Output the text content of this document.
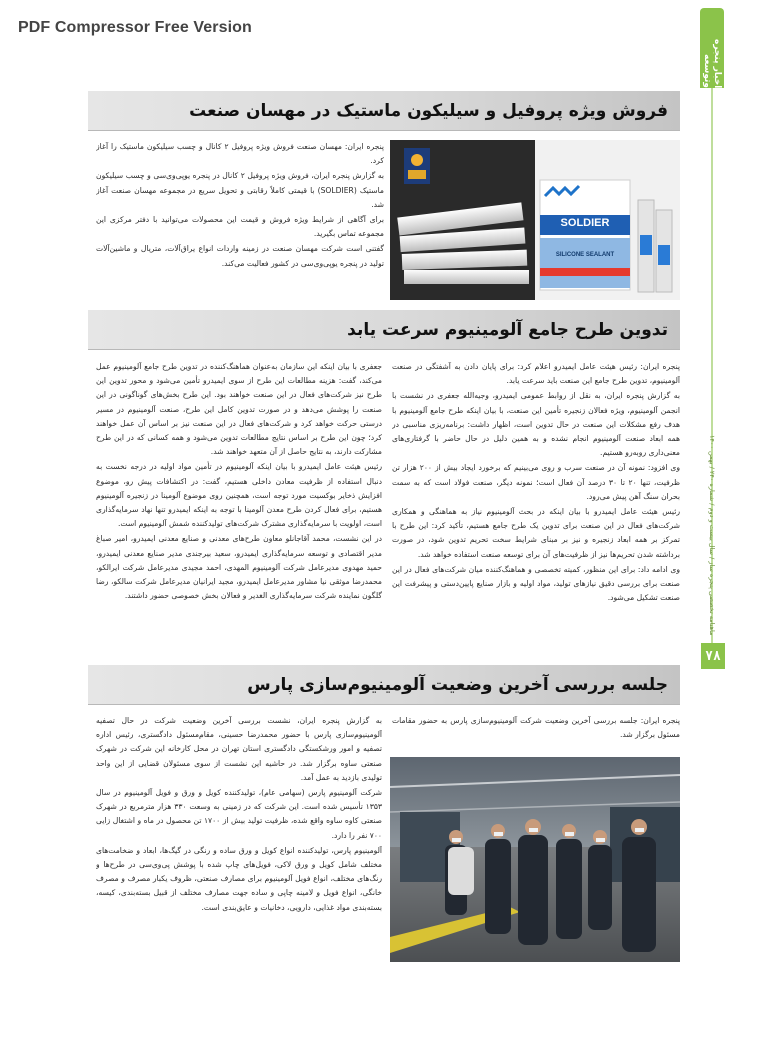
PDF Compressor Free Version
اخبار پنجره‌ وتوسعه
ماهنامه تخصصی پنجره‌ ساز / سال بیست و دوم / شماره ۲۴۰ / بهمن ۱۴۰۰
۷۸
فروش ویژه پروفیل و سیلیکون ماستیک در مهسان صنعت
SOLDIER
SILICONE SEALANT

پنجره‌ ایران: مهسان صنعت فروش ویژه پروفیل ۲ کانال و چسب سیلیکون ماستیک را آغاز کرد.

به گزارش پنجره‌ ایران، فروش ویژه پروفیل ۲ کانال در پنجره یوپی‌وی‌سی و چسب سیلیکون ماستیک (SOLDIER) با قیمتی کاملاً رقابتی و تحویل سریع در مجموعه مهسان صنعت آغاز شد.

برای آگاهی از شرایط ویژه فروش و قیمت این محصولات می‌توانید با دفتر مرکزی این مجموعه تماس بگیرید.

گفتنی است شرکت مهسان صنعت در زمینه واردات انواع یراق‌آلات، متریال و ماشین‌آلات تولید در پنجره یوپی‌وی‌سی در کشور فعالیت می‌کند.

تدوین طرح جامع آلومینیوم سرعت یابد

پنجره‌ ایران: رئیس هیئت عامل ایمیدرو اعلام کرد: برای پایان دادن به آشفتگی در صنعت آلومینیوم، تدوین طرح جامع این صنعت باید سرعت یابد.

به گزارش پنجره‌ ایران، به نقل از روابط عمومی ایمیدرو، وجیه‌الله جعفری در نشست با انجمن آلومینیوم، ویژه فعالان زنجیره تأمین این صنعت، با بیان اینکه طرح جامع آلومینیوم با هدف رفع مشکلات این صنعت در حال تدوین است، اظهار داشت: برنامه‌ریزی مناسبی در همه ابعاد صنعت آلومینیوم انجام نشده و به همین دلیل در حال حاضر با گرفتاری‌های معنی‌داری روبه‌رو هستیم.

وی افزود: نمونه آن در صنعت سرب و روی می‌بینیم که برخورد ایجاد بیش از ۲۰۰ هزار تن ظرفیت، تنها ۲۰ تا ۳۰ درصد آن فعال است؛ نمونه دیگر، صنعت فولاد است که به سمت بحران سنگ آهن پیش می‌رود.

رئیس هیئت عامل ایمیدرو با بیان اینکه در بحث آلومینیوم نیاز به هماهنگی و همکاری شرکت‌های فعال در این صنعت برای تدوین یک طرح جامع هستیم، تأکید کرد: این طرح با تمرکز بر همه ابعاد زنجیره و نیز بر مبنای شرایط سخت تحریم تدوین شود، در صورت برداشته شدن تحریم‌ها نیز از ظرفیت‌های آن برای توسعه صنعت استفاده خواهد شد.

وی ادامه داد: برای این منظور، کمیته تخصصی و هماهنگ‌کننده میان شرکت‌های فعال در این صنعت برای بررسی دقیق نیازهای تولید، مواد اولیه و بازار صنایع پایین‌دستی و پیشرفت این صنعت تشکیل می‌شود.

جعفری با بیان اینکه این سازمان به‌عنوان هماهنگ‌کننده در تدوین طرح جامع آلومینیوم عمل می‌کند، گفت: هزینه مطالعات این طرح از سوی ایمیدرو تأمین می‌شود و محور تدوین این طرح نیز شرکت‌های فعال در این صنعت خواهند بود. این طرح بخش‌های گوناگونی در این صنعت را پوشش می‌دهد و در صورت تدوین کامل این طرح، صنعت آلومینیوم در مسیر درستی حرکت خواهد کرد و شرکت‌های فعال در این صنعت نیز بر اساس آن عمل خواهند کرد؛ چون این طرح بر اساس نتایج مطالعات تدوین می‌شود و همه کسانی که در این طرح مشارکت دارند، به نتایج حاصل از آن متعهد خواهند شد.

رئیس هیئت عامل ایمیدرو با بیان اینکه آلومینیوم در تأمین مواد اولیه در درجه نخست به دنبال استفاده از ظرفیت معادن داخلی هستیم، گفت: در اکتشافات پیش رو، موضوع افزایش ذخایر بوکسیت مورد توجه است، همچنین روی موضوع آلومینا در زنجیره آلومینیوم هستیم، برای فعال کردن طرح معدن آلومینا با توجه به اینکه ایمیدرو تنها نهاد سرمایه‌گذاری است، اولویت با سرمایه‌گذاری مشترک شرکت‌های تولیدکننده شمش آلومینیوم است.

در این نشست، محمد آقاجانلو معاون طرح‌های معدنی و صنایع معدنی ایمیدرو، امیر صباغ مدیر اقتصادی و توسعه سرمایه‌گذاری ایمیدرو، سعید بیرجندی مدیر صنایع معدنی ایمیدرو، حمید مهدوی مدیرعامل شرکت آلومینیوم المهدی، احمد مجیدی مدیرعامل شرکت ایرالکو، محمدرضا موثقی نیا مشاور مدیرعامل ایمیدرو، مجید ایرانیان مدیرعامل شرکت سالکو، رضا گلگون نماینده شرکت سرمایه‌گذاری الغدیر و فعالان بخش خصوصی حضور داشتند.

جلسه بررسی آخرین وضعیت آلومینیوم‌سازی پارس

پنجره‌ ایران: جلسه بررسی آخرین وضعیت شرکت آلومینیوم‌سازی پارس به حضور مقامات مسئول برگزار شد.

به گزارش پنجره‌ ایران، نشست بررسی آخرین وضعیت شرکت در حال تصفیه آلومینیوم‌سازی پارس با حضور محمدرضا حسینی، مقام‌مسئول دادگستری، رئیس اداره تصفیه و امور ورشکستگی دادگستری استان تهران در محل کارخانه این شرکت در شهرک صنعتی ساوه برگزار شد. در حاشیه این نشست از سوی مسئولان قضایی از این واحد تولیدی بازدید به عمل آمد.

شرکت آلومینیوم پارس (سهامی عام)، تولیدکننده کویل و ورق و فویل آلومینیوم در سال ۱۳۵۳ تأسیس شده است. این شرکت که در زمینی به وسعت ۳۳۰ هزار مترمربع در شهرک صنعتی کاوه ساوه واقع شده، ظرفیت تولید بیش از ۱۷۰۰ تن محصول در ماه و اشتغال زایی ۷۰۰ نفر را دارد.

آلومینیوم پارس، تولیدکننده انواع کویل و ورق ساده و رنگی در گیگ‌ها، ابعاد و ضخامت‌های مختلف شامل کویل و ورق لاکی، فویل‌های چاپ شده با پوشش پی‌وی‌سی در طرح‌ها و رنگ‌های مختلف، انواع فویل آلومینیوم برای مصارف صنعتی، ظروف یکبار مصرف و مصرف خانگی، انواع فویل و لامینه چاپی و ساده جهت مصارف مختلف از قبیل بسته‌بندی، کیسه، بسته‌بندی مواد غذایی، دارویی، دخانیات و عایق‌بندی است.
